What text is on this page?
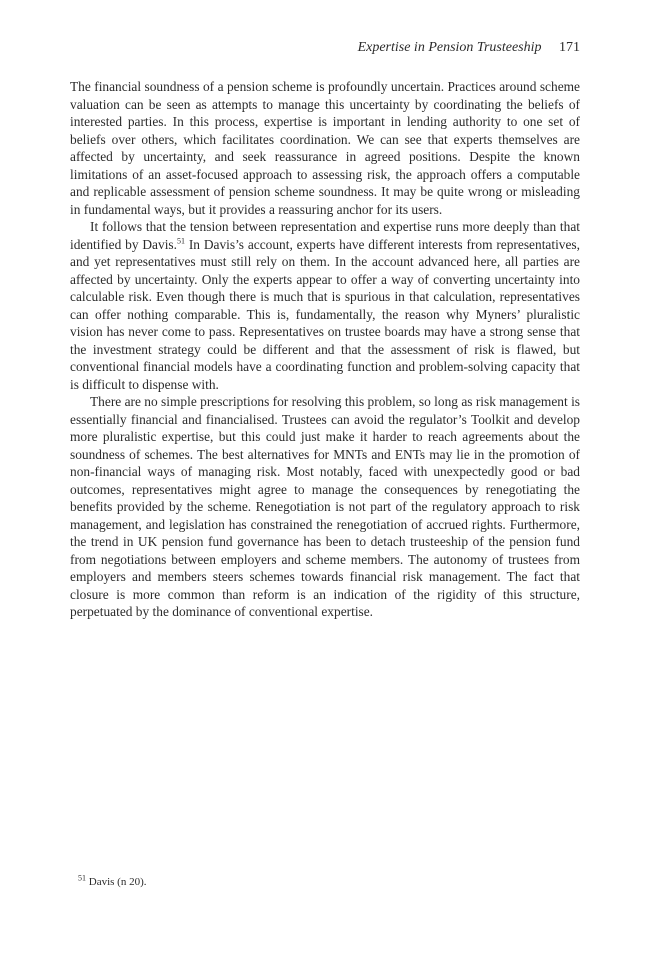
Expertise in Pension Trusteeship 171

The financial soundness of a pension scheme is profoundly uncertain. Practices around scheme valuation can be seen as attempts to manage this uncertainty by coordinating the beliefs of interested parties. In this process, expertise is important in lending authority to one set of beliefs over others, which facilitates coordination. We can see that experts themselves are affected by uncertainty, and seek reassurance in agreed positions. Despite the known limitations of an asset-focused approach to assessing risk, the approach offers a computable and replicable assessment of pension scheme soundness. It may be quite wrong or misleading in fundamental ways, but it provides a reassuring anchor for its users.

It follows that the tension between representation and expertise runs more deeply than that identified by Davis.$^{51}$ In Davis’s account, experts have different interests from representatives, and yet representatives must still rely on them. In the account advanced here, all parties are affected by uncertainty. Only the experts appear to offer a way of converting uncertainty into calculable risk. Even though there is much that is spurious in that calculation, representatives can offer nothing comparable. This is, fundamentally, the reason why Myners’ pluralistic vision has never come to pass. Representatives on trustee boards may have a strong sense that the investment strategy could be different and that the assessment of risk is flawed, but conventional financial models have a coordinating function and problem-solving capacity that is difficult to dispense with.

There are no simple prescriptions for resolving this problem, so long as risk management is essentially financial and financialised. Trustees can avoid the regulator’s Toolkit and develop more pluralistic expertise, but this could just make it harder to reach agreements about the soundness of schemes. The best alternatives for MNTs and ENTs may lie in the promotion of non-financial ways of managing risk. Most notably, faced with unexpectedly good or bad outcomes, representatives might agree to manage the consequences by renegotiating the benefits provided by the scheme. Renegotiation is not part of the regulatory approach to risk management, and legislation has constrained the renegotiation of accrued rights. Furthermore, the trend in UK pension fund governance has been to detach trusteeship of the pension fund from negotiations between employers and scheme members. The autonomy of trustees from employers and members steers schemes towards financial risk management. The fact that closure is more common than reform is an indication of the rigidity of this structure, perpetuated by the dominance of conventional expertise.

$^{51}$ Davis (n 20).
